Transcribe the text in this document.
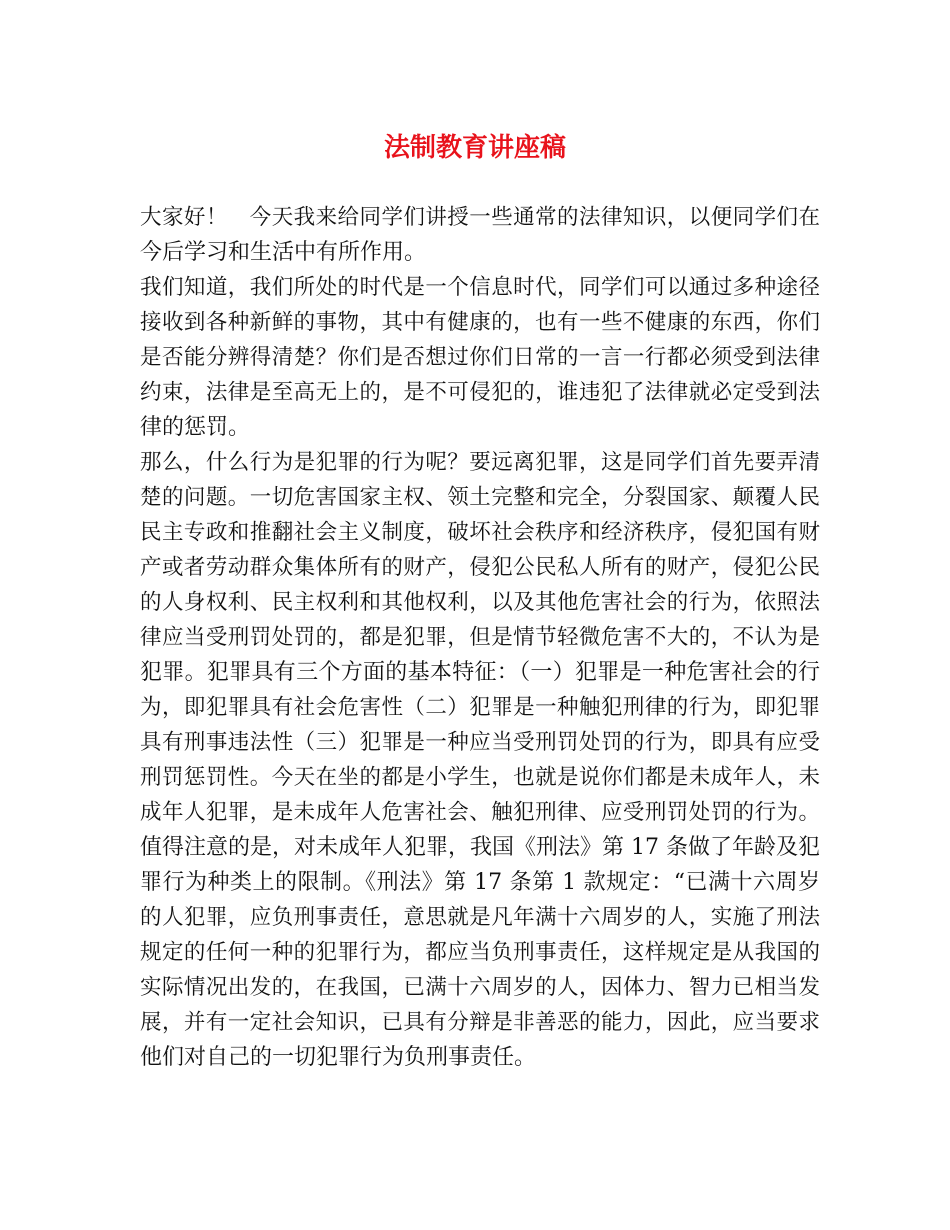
法制教育讲座稿
大家好！　今天我来给同学们讲授一些通常的法律知识，以便同学们在
今后学习和生活中有所作用。
我们知道，我们所处的时代是一个信息时代，同学们可以通过多种途径
接收到各种新鲜的事物，其中有健康的，也有一些不健康的东西，你们
是否能分辨得清楚？你们是否想过你们日常的一言一行都必须受到法律
约束，法律是至高无上的，是不可侵犯的，谁违犯了法律就必定受到法
律的惩罚。
那么，什么行为是犯罪的行为呢？要远离犯罪，这是同学们首先要弄清
楚的问题。一切危害国家主权、领土完整和完全，分裂国家、颠覆人民
民主专政和推翻社会主义制度，破坏社会秩序和经济秩序，侵犯国有财
产或者劳动群众集体所有的财产，侵犯公民私人所有的财产，侵犯公民
的人身权利、民主权利和其他权利，以及其他危害社会的行为，依照法
律应当受刑罚处罚的，都是犯罪，但是情节轻微危害不大的，不认为是
犯罪。犯罪具有三个方面的基本特征：（一）犯罪是一种危害社会的行
为，即犯罪具有社会危害性（二）犯罪是一种触犯刑律的行为，即犯罪
具有刑事违法性（三）犯罪是一种应当受刑罚处罚的行为，即具有应受
刑罚惩罚性。今天在坐的都是小学生，也就是说你们都是未成年人，未
成年人犯罪，是未成年人危害社会、触犯刑律、应受刑罚处罚的行为。
值得注意的是，对未成年人犯罪，我国《刑法》第 17 条做了年龄及犯
罪行为种类上的限制。《刑法》第 17 条第 1 款规定：“已满十六周岁
的人犯罪，应负刑事责任，意思就是凡年满十六周岁的人，实施了刑法
规定的任何一种的犯罪行为，都应当负刑事责任，这样规定是从我国的
实际情况出发的，在我国，已满十六周岁的人，因体力、智力已相当发
展，并有一定社会知识，已具有分辩是非善恶的能力，因此，应当要求
他们对自己的一切犯罪行为负刑事责任。
